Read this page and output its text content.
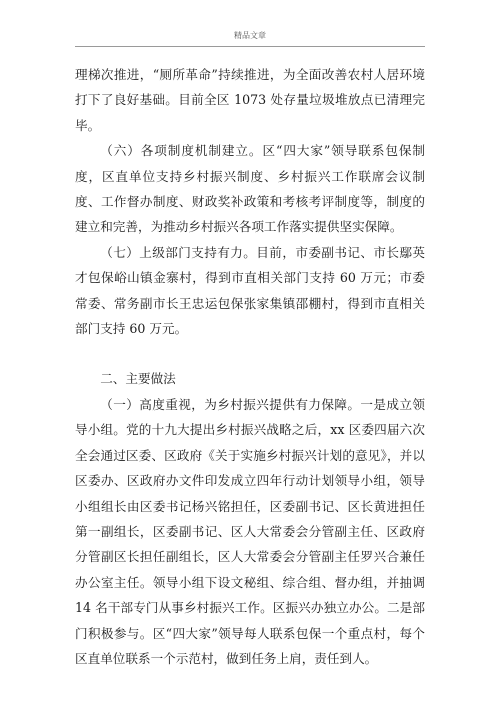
精品文章

理梯次推进，“厕所革命”持续推进，为全面改善农村人居环境打下了良好基础。目前全区 1073 处存量垃圾堆放点已清理完毕。

（六）各项制度机制建立。区“四大家”领导联系包保制度，区直单位支持乡村振兴制度、乡村振兴工作联席会议制度、工作督办制度、财政奖补政策和考核考评制度等，制度的建立和完善，为推动乡村振兴各项工作落实提供坚实保障。

（七）上级部门支持有力。目前，市委副书记、市长鄢英才包保峪山镇金寨村，得到市直相关部门支持 60 万元；市委常委、常务副市长王忠运包保张家集镇邵棚村，得到市直相关部门支持 60 万元。

二、主要做法

（一）高度重视，为乡村振兴提供有力保障。一是成立领导小组。党的十九大提出乡村振兴战略之后，xx 区委四届六次全会通过区委、区政府《关于实施乡村振兴计划的意见》，并以区委办、区政府办文件印发成立四年行动计划领导小组，领导小组组长由区委书记杨兴铭担任，区委副书记、区长黄进担任第一副组长，区委副书记、区人大常委会分管副主任、区政府分管副区长担任副组长，区人大常委会分管副主任罗兴合兼任办公室主任。领导小组下设文秘组、综合组、督办组，并抽调 14 名干部专门从事乡村振兴工作。区振兴办独立办公。二是部门积极参与。区“四大家”领导每人联系包保一个重点村，每个区直单位联系一个示范村，做到任务上肩，责任到人。
